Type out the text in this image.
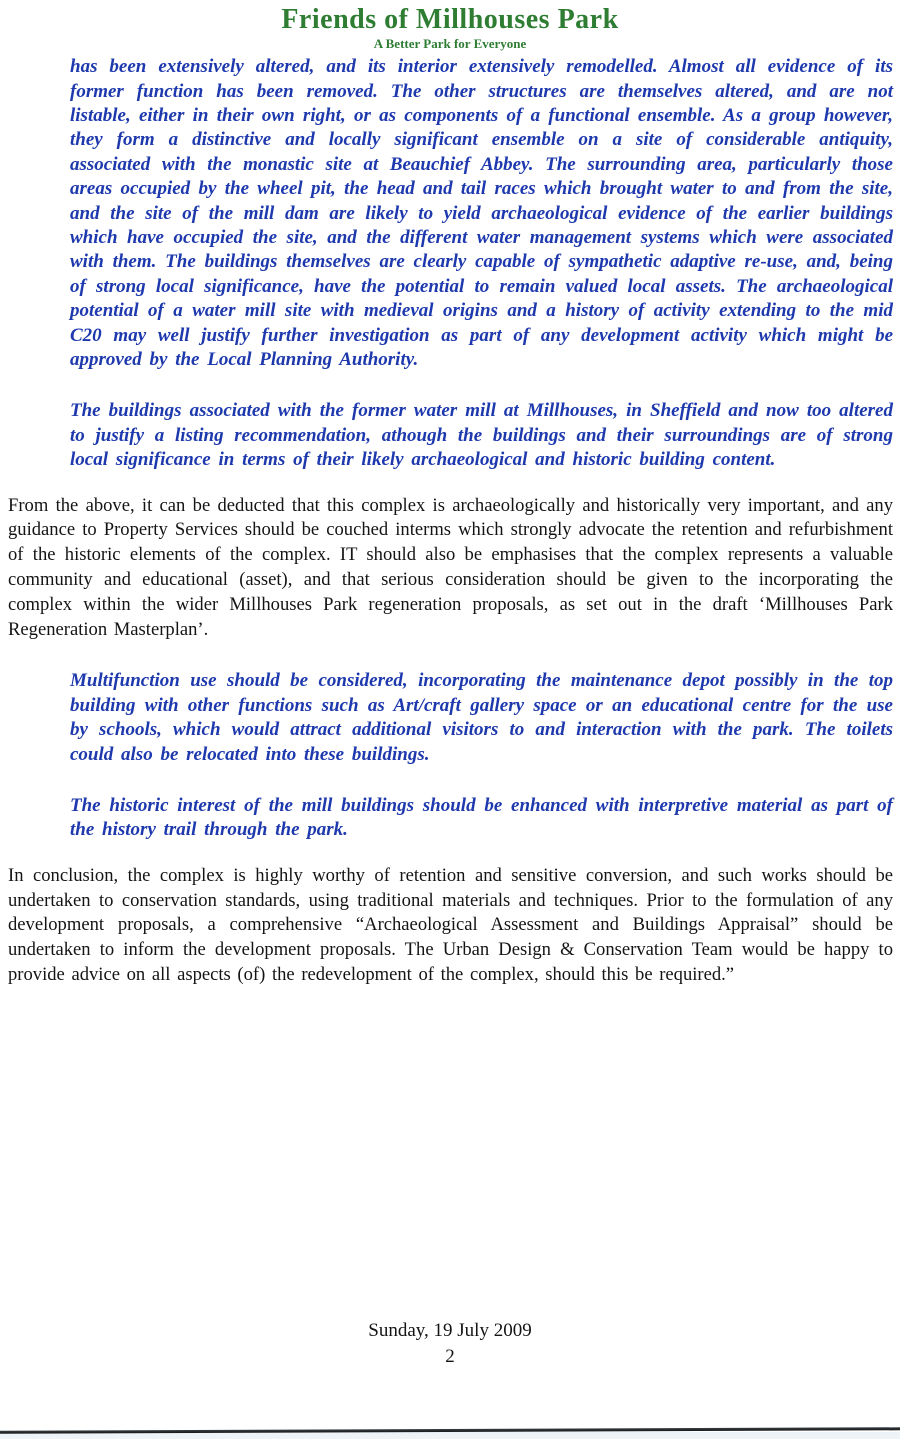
Friends of Millhouses Park
A Better Park for Everyone

has been extensively altered, and its interior extensively remodelled. Almost all evidence of its former function has been removed. The other structures are themselves altered, and are not listable, either in their own right, or as components of a functional ensemble. As a group however, they form a distinctive and locally significant ensemble on a site of considerable antiquity, associated with the monastic site at Beauchief Abbey. The surrounding area, particularly those areas occupied by the wheel pit, the head and tail races which brought water to and from the site, and the site of the mill dam are likely to yield archaeological evidence of the earlier buildings which have occupied the site, and the different water management systems which were associated with them. The buildings themselves are clearly capable of sympathetic adaptive re-use, and, being of strong local significance, have the potential to remain valued local assets. The archaeological potential of a water mill site with medieval origins and a history of activity extending to the mid C20 may well justify further investigation as part of any development activity which might be approved by the Local Planning Authority.

The buildings associated with the former water mill at Millhouses, in Sheffield and now too altered to justify a listing recommendation, athough the buildings and their surroundings are of strong local significance in terms of their likely archaeological and historic building content.

From the above, it can be deducted that this complex is archaeologically and historically very important, and any guidance to Property Services should be couched interms which strongly advocate the retention and refurbishment of the historic elements of the complex. IT should also be emphasises that the complex represents a valuable community and educational (asset), and that serious consideration should be given to the incorporating the complex within the wider Millhouses Park regeneration proposals, as set out in the draft ‘Millhouses Park Regeneration Masterplan’.

Multifunction use should be considered, incorporating the maintenance depot possibly in the top building with other functions such as Art/craft gallery space or an educational centre for the use by schools, which would attract additional visitors to and interaction with the park. The toilets could also be relocated into these buildings.

The historic interest of the mill buildings should be enhanced with interpretive material as part of the history trail through the park.

In conclusion, the complex is highly worthy of retention and sensitive conversion, and such works should be undertaken to conservation standards, using traditional materials and techniques. Prior to the formulation of any development proposals, a comprehensive “Archaeological Assessment and Buildings Appraisal” should be undertaken to inform the development proposals. The Urban Design & Conservation Team would be happy to provide advice on all aspects (of) the redevelopment of the complex, should this be required.”

Sunday, 19 July 2009
2
